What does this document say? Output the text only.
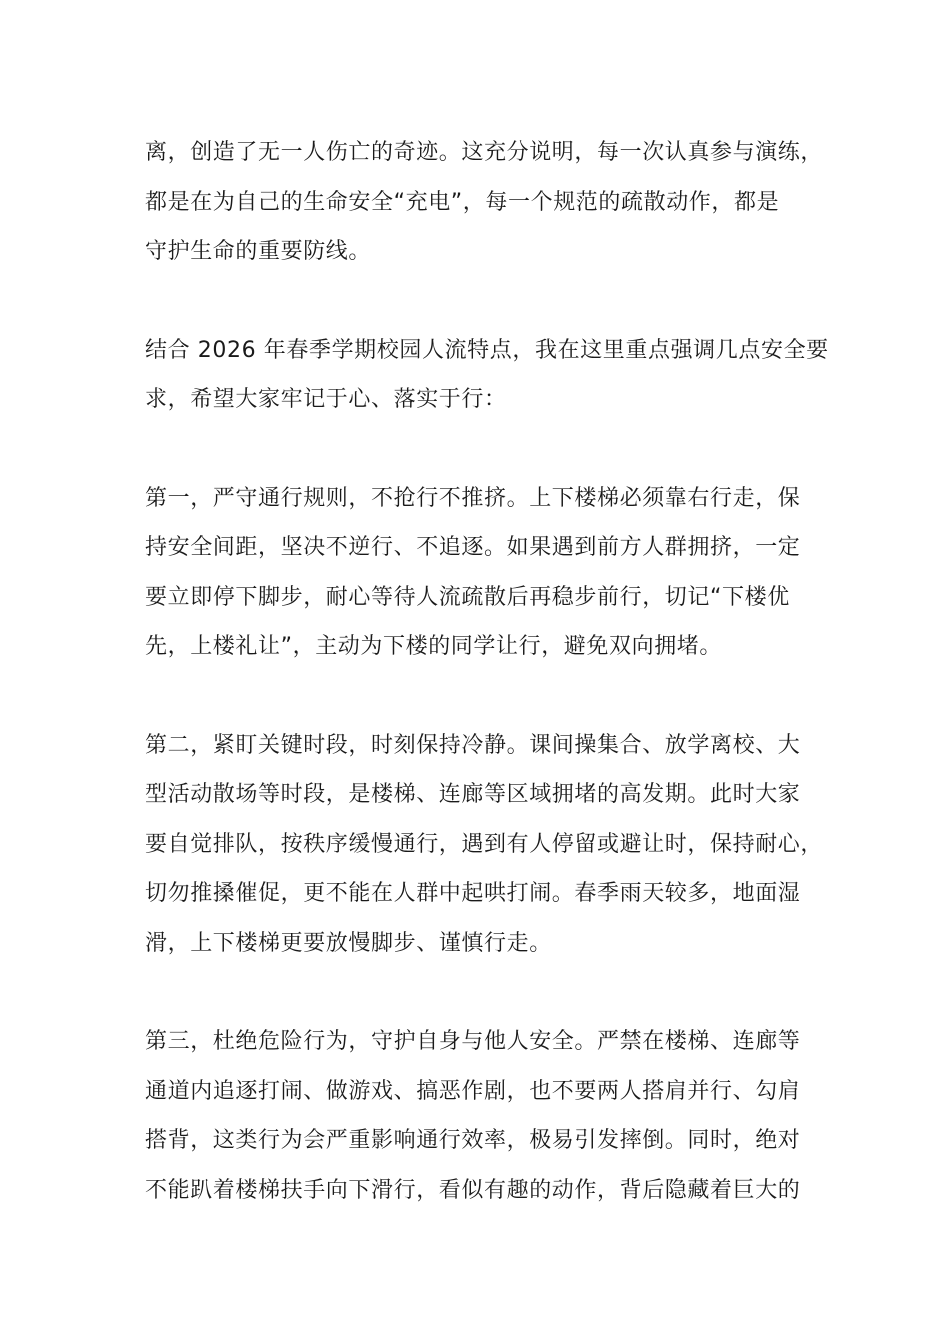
离，创造了无一人伤亡的奇迹。这充分说明，每一次认真参与演练，
都是在为自己的生命安全“充电”，每一个规范的疏散动作，都是
守护生命的重要防线。

结合 2026 年春季学期校园人流特点，我在这里重点强调几点安全要
求，希望大家牢记于心、落实于行：

第一，严守通行规则，不抢行不推挤。上下楼梯必须靠右行走，保
持安全间距，坚决不逆行、不追逐。如果遇到前方人群拥挤，一定
要立即停下脚步，耐心等待人流疏散后再稳步前行，切记“下楼优
先，上楼礼让”，主动为下楼的同学让行，避免双向拥堵。

第二，紧盯关键时段，时刻保持冷静。课间操集合、放学离校、大
型活动散场等时段，是楼梯、连廊等区域拥堵的高发期。此时大家
要自觉排队，按秩序缓慢通行，遇到有人停留或避让时，保持耐心，
切勿推搡催促，更不能在人群中起哄打闹。春季雨天较多，地面湿
滑，上下楼梯更要放慢脚步、谨慎行走。

第三，杜绝危险行为，守护自身与他人安全。严禁在楼梯、连廊等
通道内追逐打闹、做游戏、搞恶作剧，也不要两人搭肩并行、勾肩
搭背，这类行为会严重影响通行效率，极易引发摔倒。同时，绝对
不能趴着楼梯扶手向下滑行，看似有趣的动作，背后隐藏着巨大的
